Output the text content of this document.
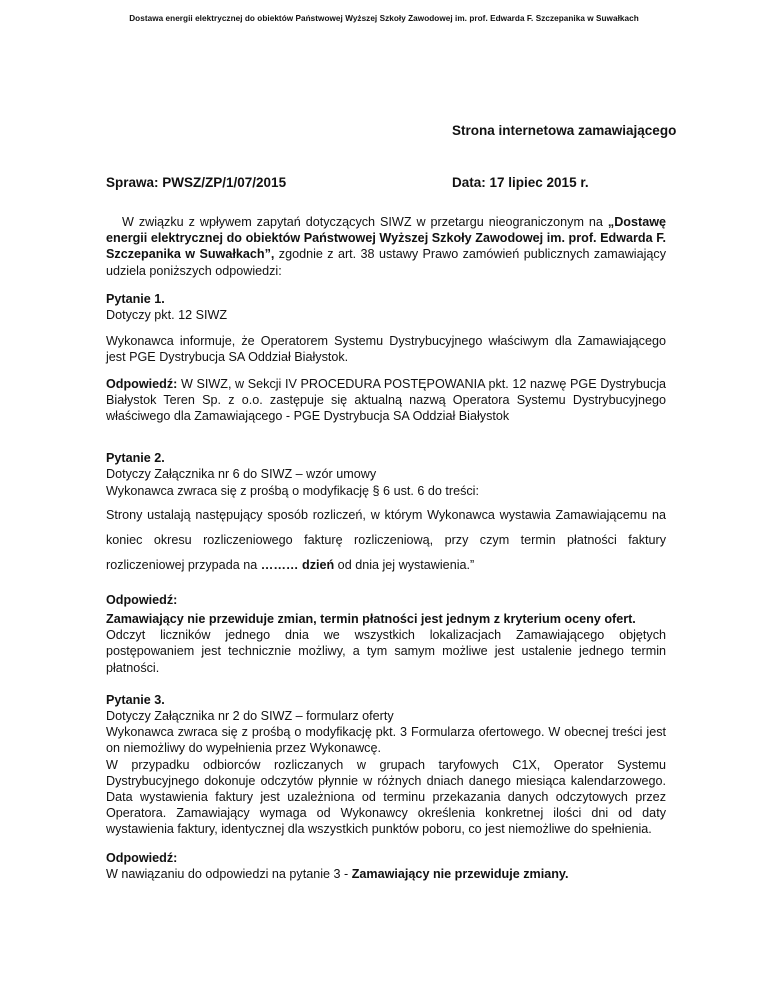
Dostawa energii elektrycznej do obiektów Państwowej Wyższej Szkoły Zawodowej im. prof. Edwarda F. Szczepanika w Suwałkach
Strona internetowa zamawiającego
Sprawa: PWSZ/ZP/1/07/2015	Data: 17 lipiec 2015 r.

W związku z wpływem zapytań dotyczących SIWZ w przetargu nieograniczonym na „Dostawę energii elektrycznej do obiektów Państwowej Wyższej Szkoły Zawodowej im. prof. Edwarda F. Szczepanika w Suwałkach”, zgodnie z art. 38 ustawy Prawo zamówień publicznych zamawiający udziela poniższych odpowiedzi:

Pytanie 1.

Dotyczy pkt. 12 SIWZ

Wykonawca informuje, że Operatorem Systemu Dystrybucyjnego właściwym dla Zamawiającego jest PGE Dystrybucja SA Oddział Białystok.

Odpowiedź: W SIWZ, w Sekcji IV PROCEDURA POSTĘPOWANIA pkt. 12 nazwę PGE Dystrybucja Białystok Teren Sp. z o.o. zastępuje się aktualną nazwą Operatora Systemu Dystrybucyjnego właściwego dla Zamawiającego - PGE Dystrybucja SA Oddział Białystok

Pytanie 2.

Dotyczy Załącznika nr 6 do SIWZ – wzór umowy

Wykonawca zwraca się z prośbą o modyfikację § 6 ust. 6 do treści:

Strony ustalają następujący sposób rozliczeń, w którym Wykonawca wystawia Zamawiającemu na koniec okresu rozliczeniowego fakturę rozliczeniową, przy czym termin płatności faktury rozliczeniowej przypada na ……… dzień od dnia jej wystawienia.”

Odpowiedź:

Zamawiający nie przewiduje zmian, termin płatności jest jednym z kryterium oceny ofert.

Odczyt liczników jednego dnia we wszystkich lokalizacjach Zamawiającego objętych postępowaniem jest technicznie możliwy, a tym samym możliwe jest ustalenie jednego termin płatności.

Pytanie 3.

Dotyczy Załącznika nr 2 do SIWZ – formularz oferty

Wykonawca zwraca się z prośbą o modyfikację pkt. 3 Formularza ofertowego. W obecnej treści jest on niemożliwy do wypełnienia przez Wykonawcę.

W przypadku odbiorców rozliczanych w grupach taryfowych C1X, Operator Systemu Dystrybucyjnego dokonuje odczytów płynnie w różnych dniach danego miesiąca kalendarzowego. Data wystawienia faktury jest uzależniona od terminu przekazania danych odczytowych przez Operatora. Zamawiający wymaga od Wykonawcy określenia konkretnej ilości dni od daty wystawienia faktury, identycznej dla wszystkich punktów poboru, co jest niemożliwe do spełnienia.

Odpowiedź:

W nawiązaniu do odpowiedzi na pytanie 3 - Zamawiający nie przewiduje zmiany.
